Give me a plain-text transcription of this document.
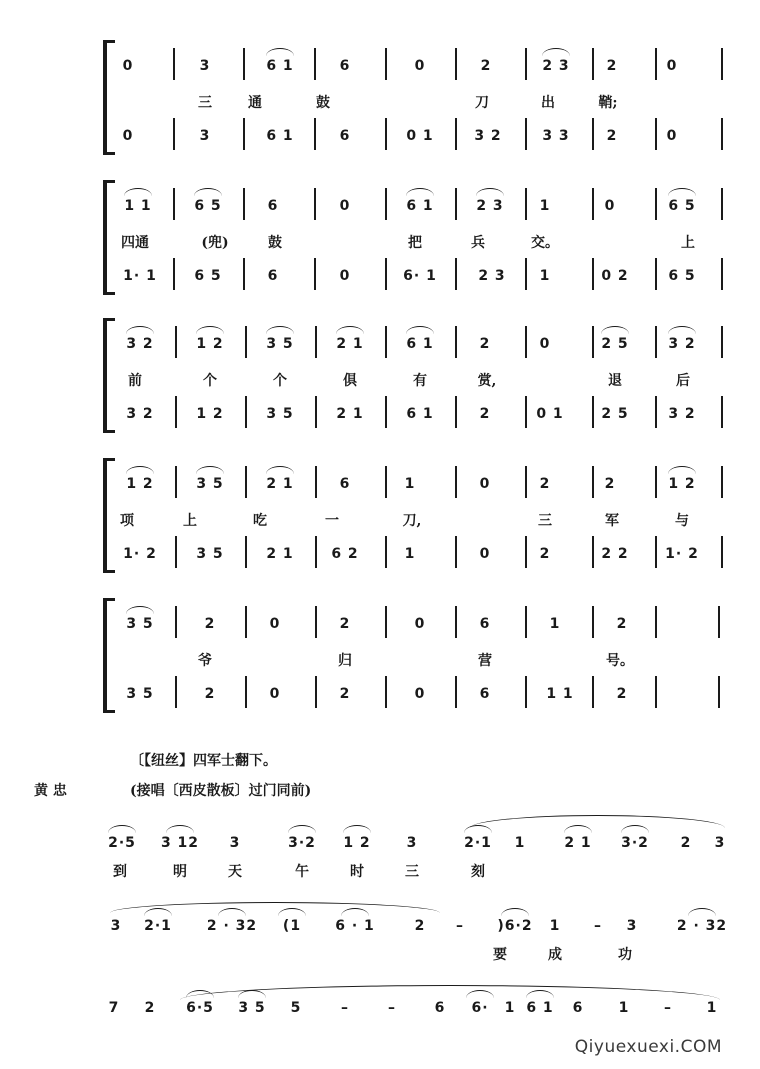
〔【纽丝】四军士翻下。
黄 忠	(接唱〔西皮散板〕过门同前)
Qiyuexuexi.COM
0	3	6 1	6	0	2	2 3	2	0
三	通	鼓	刀	出	鞘;
0	3	6 1	6	0 1	3 2	3 3	2	0
1 1	6 5	6	0	6 1	2 3	1	0	6 5
四通	(兜)	鼓	把	兵	交。	上
1· 1	6 5	6	0	6· 1	2 3 1	0 2	6 5
3 2	1 2	3 5	2 1	6 1	2	0	2 5	3 2
前	个	个	俱	有	赏,	退	后
3 2	1 2	3 5	2 1	6 1	2	0 1	2 5	3 2
1 2	3 5	2 1	6	1	0	2	2	1 2
项	上	吃	一	刀,	三	军	与
1· 2	3 5	2 1	6 2	1	0	2	2 2	1· 2
3 5	2	0	2	0	6	1	2
爷	归	营	号。
3 5	2	0	2	0	6	1 1	2
2·5 3 12 3	3·2 1 2	3	2·1 1	2 1 3·2 2 3
到	明	天	午	时	三	刻
3 2·1 2 · 32 (1 6 · 1	2 – )6·2 1 – 3	2 · 32
要	成	功
7 2 6·5 3 5 5	–	–	6 6· 1 6 1 6	1 – 1
